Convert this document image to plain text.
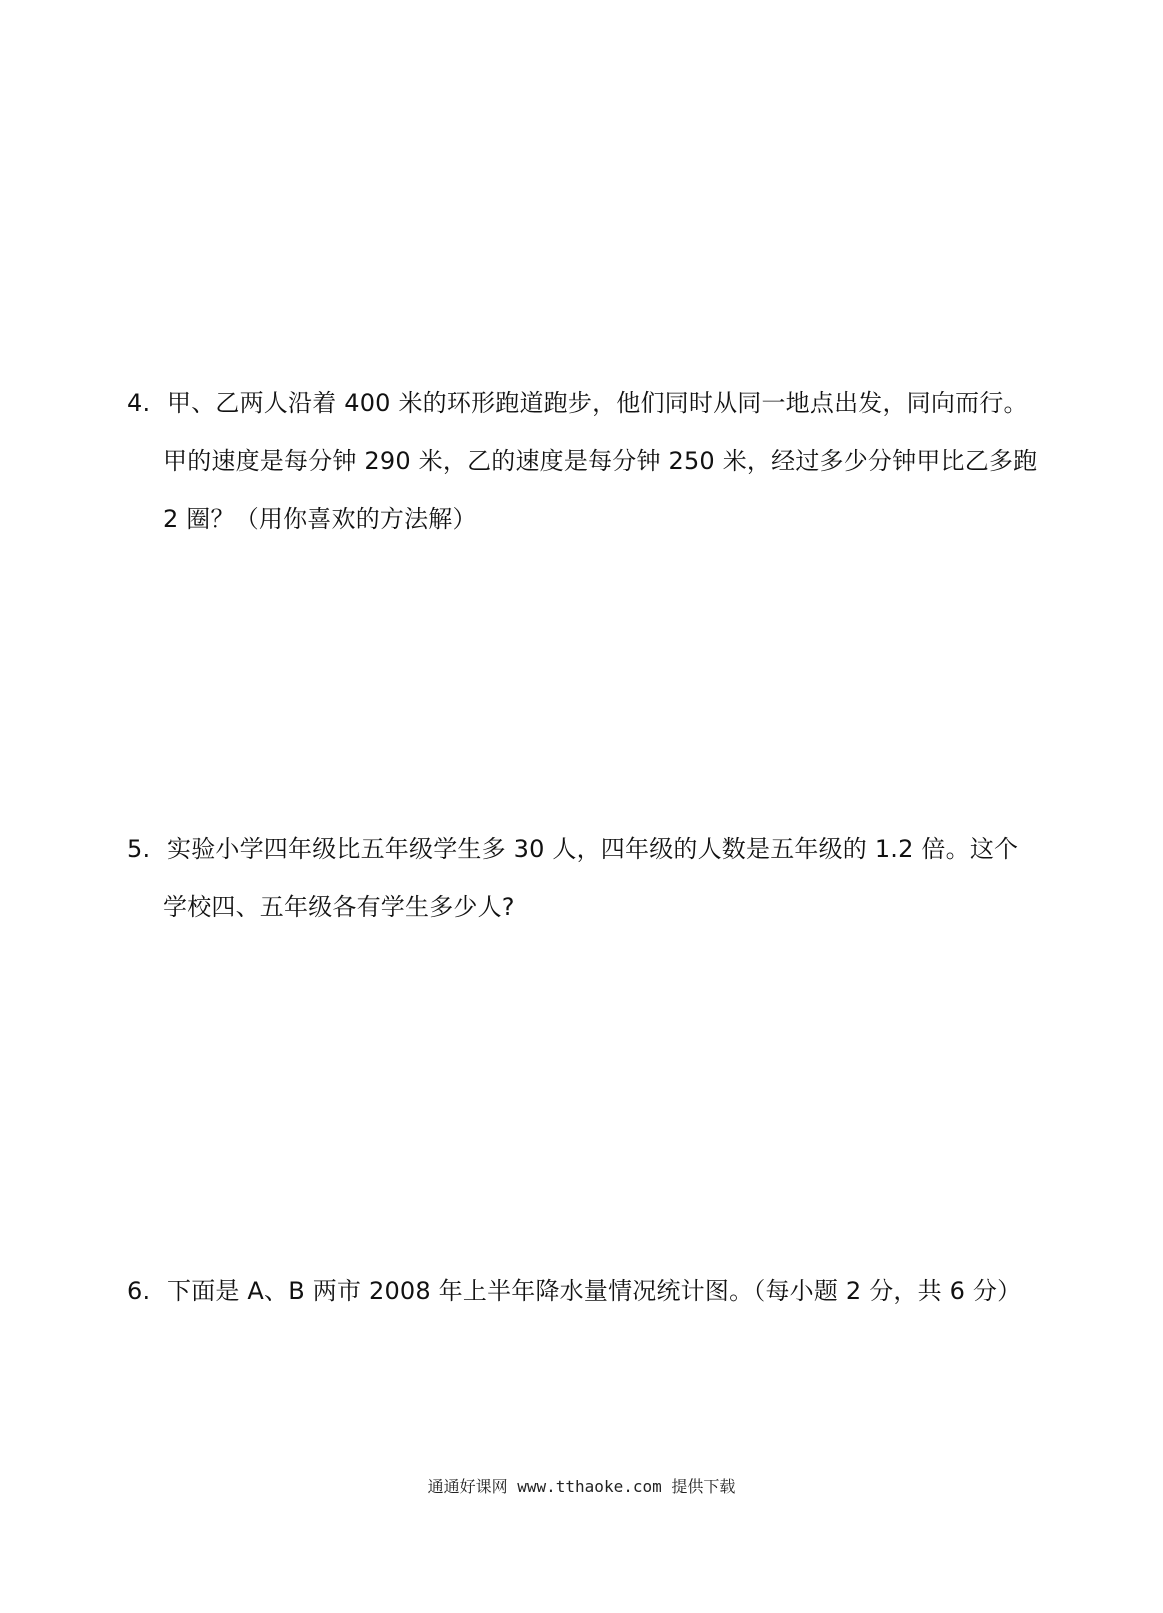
4. 甲、乙两人沿着 400 米的环形跑道跑步，他们同时从同一地点出发，同向而行。
甲的速度是每分钟 290 米，乙的速度是每分钟 250 米，经过多少分钟甲比乙多跑
2 圈？（用你喜欢的方法解）
5. 实验小学四年级比五年级学生多 30 人，四年级的人数是五年级的 1.2 倍。这个
学校四、五年级各有学生多少人?
6. 下面是 A、B 两市 2008 年上半年降水量情况统计图。（每小题 2 分，共 6 分）
通通好课网 www.tthaoke.com 提供下载
